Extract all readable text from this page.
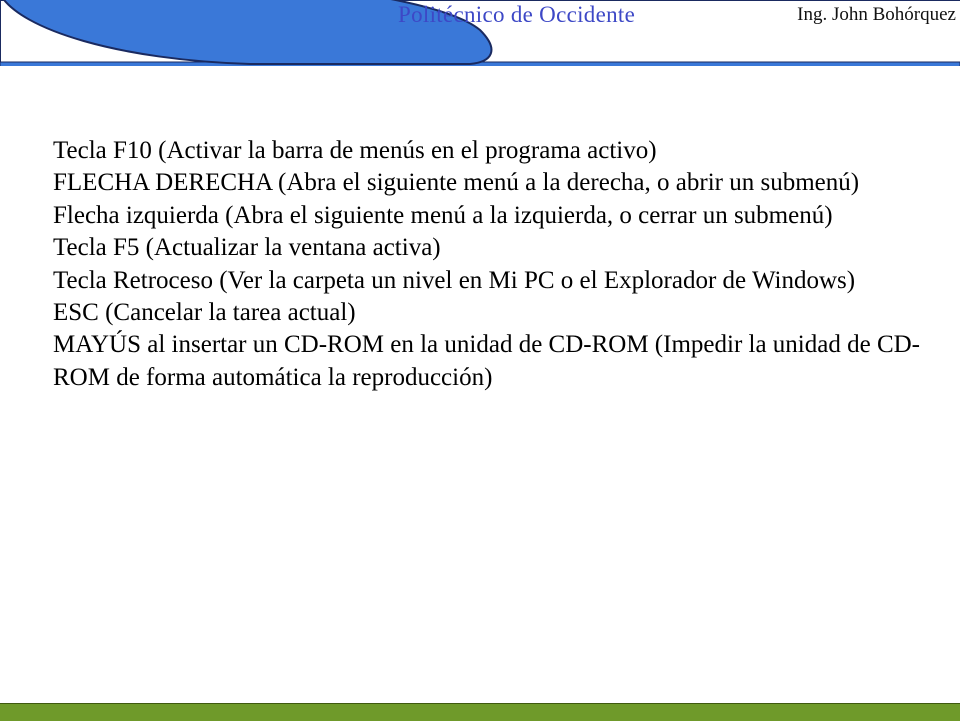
Politécnico de Occidente	Ing. John Bohórquez
Tecla F10 (Activar la barra de menús en el programa activo)
FLECHA DERECHA (Abra el siguiente menú a la derecha, o abrir un submenú)
Flecha izquierda (Abra el siguiente menú a la izquierda, o cerrar un submenú)
Tecla F5 (Actualizar la ventana activa)
Tecla Retroceso (Ver la carpeta un nivel en Mi PC o el Explorador de Windows)
ESC (Cancelar la tarea actual)
MAYÚS al insertar un CD-ROM en la unidad de CD-ROM (Impedir la unidad de CD-ROM de forma automática la reproducción)
